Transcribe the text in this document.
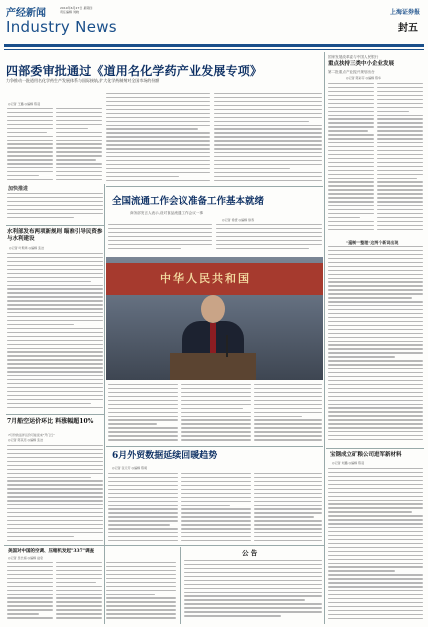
产经新闻	2019年6月27日 星期四
责任编辑 刘晓
Industry News
上海证券报
封五
四部委审批通过《道用名化学药产业发展专项》
力争推动一批道用名化学药生产发展体系与国际接轨,扩大化学药制剂对全国市场的份额
◎记者 王璐 ◎编辑 陈羽
加快推进
水利部发布两项新规则 瞄准引导民资参与水利建设
◎记者 叶斯琦 ◎编辑 张洁
7月船空运价环比 料涨幅超10%
7月份的远洋运价可能迎来"开门红"
◎记者 陈其珏 ◎编辑 张洁
全国流通工作会议准备工作基本就绪
商务部发言人表示,设对食品流通工作会议一事
◎记者 徐壹 ◎编辑 徐寿
中华人民共和国
6月外贸数据延续回暖趋势
◎记者 张元芳 ◎编辑 陈胡
国家发展改革委与中国人民银行
重点扶持三类中小企业发展
第二批重点产业振兴规划出台
◎记者 陈彩芬 ◎编辑 陈华
"遏制""整理"这两个新词出现
宝钢成立矿粮公司进军新材料
◎记者 刘璐 ◎编辑 陈羽
美国对中国的空调、压缩机发起"337"调查
◎记者 吴长娟 ◎编辑 赵泉
公 告
